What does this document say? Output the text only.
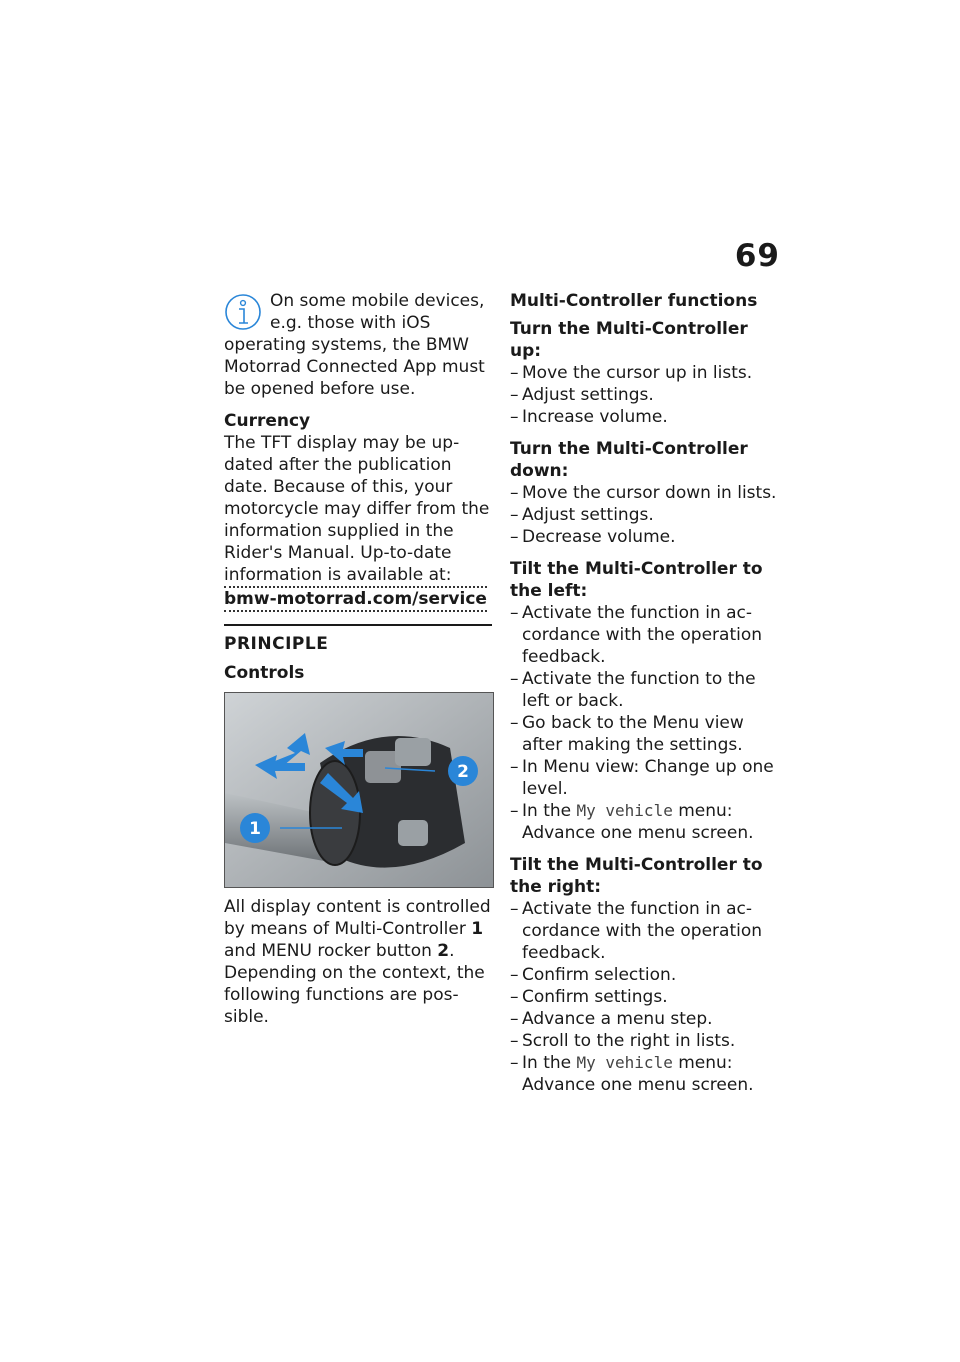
69

On some mobile devices,

e.g. those with iOS

operating systems, the BMW Motorrad Connected App must be opened before use.

Currency

The TFT display may be up-dated after the publication date. Because of this, your motorcycle may differ from the information supplied in the Rider's Manual. Up-to-date information is available at:

bmw-motorrad.com/service

PRINCIPLE

Controls

1
2

All display content is controlled by means of Multi-Controller 1 and MENU rocker button 2. Depending on the context, the following functions are pos-sible.

Multi-Controller functions

Turn the Multi-Controller up:

– Move the cursor up in lists.
– Adjust settings.
– Increase volume.

Turn the Multi-Controller down:

– Move the cursor down in lists.
– Adjust settings.
– Decrease volume.

Tilt the Multi-Controller to the left:

– Activate the function in ac-cordance with the operation feedback.
– Activate the function to the left or back.
– Go back to the Menu view after making the settings.
– In Menu view: Change up one level.
– In the My vehicle menu: Advance one menu screen.

Tilt the Multi-Controller to the right:

– Activate the function in ac-cordance with the operation feedback.
– Confirm selection.
– Confirm settings.
– Advance a menu step.
– Scroll to the right in lists.
– In the My vehicle menu: Advance one menu screen.
